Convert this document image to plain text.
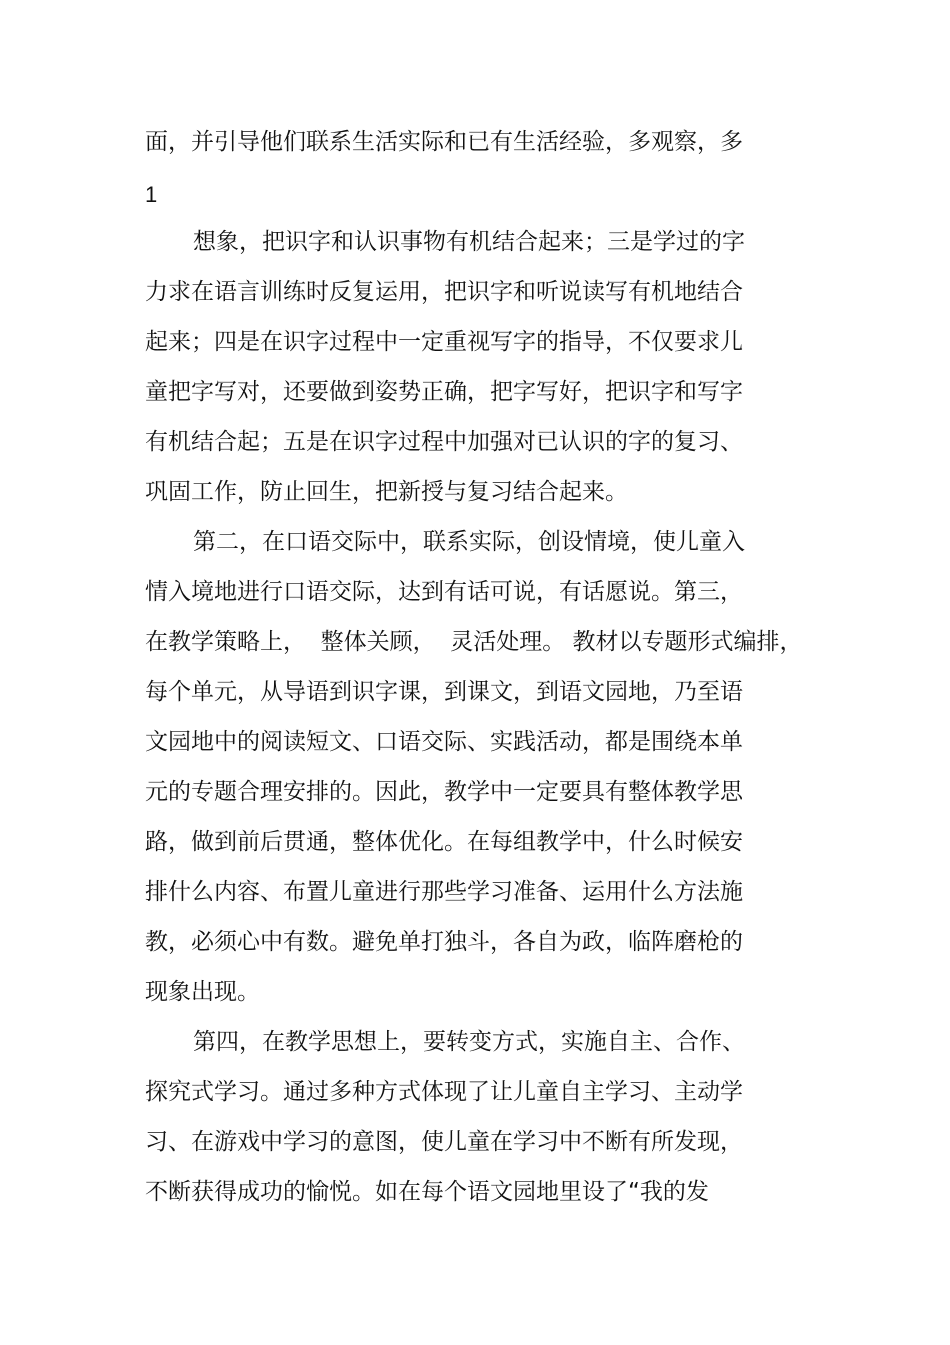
面，并引导他们联系生活实际和已有生活经验，多观察，多
1
想象，把识字和认识事物有机结合起来；三是学过的字
力求在语言训练时反复运用，把识字和听说读写有机地结合
起来；四是在识字过程中一定重视写字的指导，不仅要求儿
童把字写对，还要做到姿势正确，把字写好，把识字和写字
有机结合起；五是在识字过程中加强对已认识的字的复习、
巩固工作，防止回生，把新授与复习结合起来。
第二，在口语交际中，联系实际，创设情境，使儿童入
情入境地进行口语交际，达到有话可说，有话愿说。第三，
在教学策略上，  整体关顾，  灵活处理。 教材以专题形式编排，
每个单元，从导语到识字课，到课文，到语文园地，乃至语
文园地中的阅读短文、口语交际、实践活动，都是围绕本单
元的专题合理安排的。因此，教学中一定要具有整体教学思
路，做到前后贯通，整体优化。在每组教学中，什么时候安
排什么内容、布置儿童进行那些学习准备、运用什么方法施
教，必须心中有数。避免单打独斗，各自为政，临阵磨枪的
现象出现。
第四，在教学思想上，要转变方式，实施自主、合作、
探究式学习。通过多种方式体现了让儿童自主学习、主动学
习、在游戏中学习的意图，使儿童在学习中不断有所发现，
不断获得成功的愉悦。如在每个语文园地里设了“我的发
